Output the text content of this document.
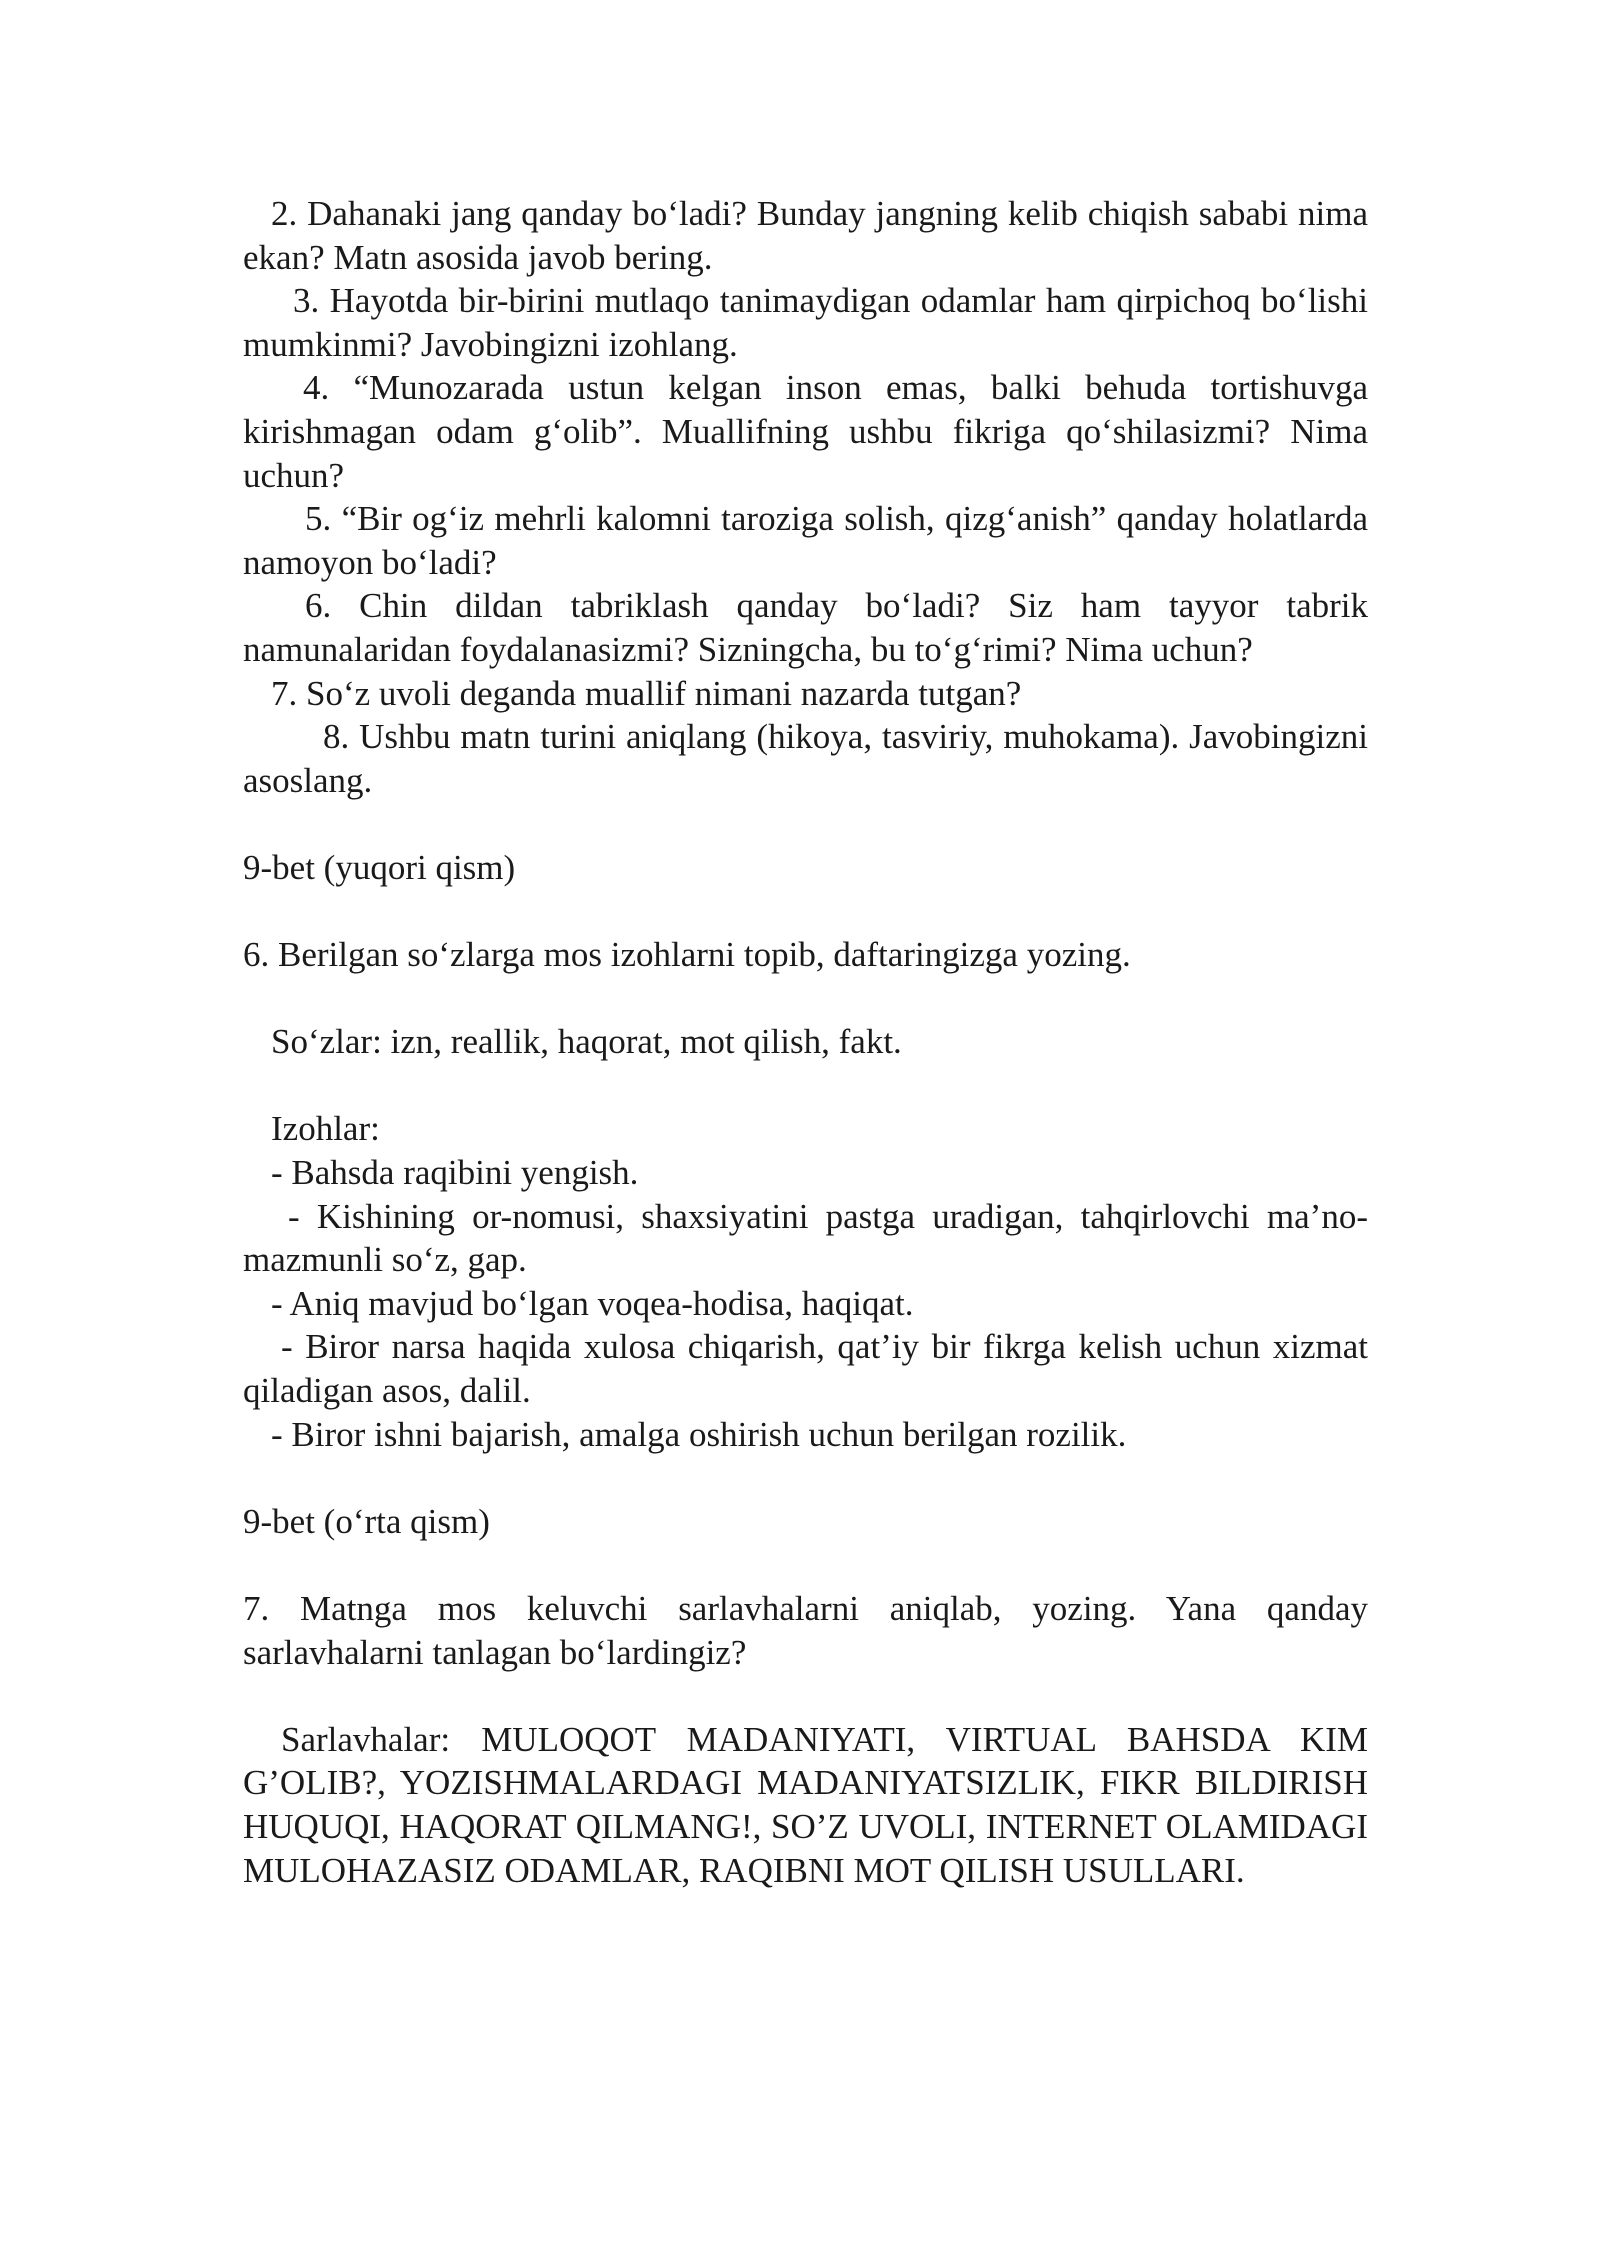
2. Dahanaki jang qanday bo‘ladi? Bunday jangning kelib chiqish sababi nima ekan? Matn asosida javob bering.

3. Hayotda bir-birini mutlaqo tanimaydigan odamlar ham qirpichoq bo‘lishi mumkinmi? Javobingizni izohlang.

4. “Munozarada ustun kelgan inson emas, balki behuda tortishuvga kirishmagan odam g‘olib”. Muallifning ushbu fikriga qo‘shilasizmi? Nima uchun?

5. “Bir og‘iz mehrli kalomni taroziga solish, qizg‘anish” qanday holatlarda namoyon bo‘ladi?

6. Chin dildan tabriklash qanday bo‘ladi? Siz ham tayyor tabrik namunalaridan foydalanasizmi? Sizningcha, bu to‘g‘rimi? Nima uchun?

7. So‘z uvoli deganda muallif nimani nazarda tutgan?

8. Ushbu matn turini aniqlang (hikoya, tasviriy, muhokama). Javobingizni asoslang.

9-bet (yuqori qism)

6. Berilgan so‘zlarga mos izohlarni topib, daftaringizga yozing.

So‘zlar: izn, reallik, haqorat, mot qilish, fakt.

Izohlar:

- Bahsda raqibini yengish.

- Kishining or-nomusi, shaxsiyatini pastga uradigan, tahqirlovchi ma’no-mazmunli so‘z, gap.

- Aniq mavjud bo‘lgan voqea-hodisa, haqiqat.

- Biror narsa haqida xulosa chiqarish, qat’iy bir fikrga kelish uchun xizmat qiladigan asos, dalil.

- Biror ishni bajarish, amalga oshirish uchun berilgan rozilik.

9-bet (o‘rta qism)

7. Matnga mos keluvchi sarlavhalarni aniqlab, yozing. Yana qanday sarlavhalarni tanlagan bo‘lardingiz?

Sarlavhalar: MULOQOT MADANIYATI, VIRTUAL BAHSDA KIM G’OLIB?, YOZISHMALARDAGI MADANIYATSIZLIK, FIKR BILDIRISH HUQUQI, HAQORAT QILMANG!, SO’Z UVOLI, INTERNET OLAMIDAGI MULOHAZASIZ ODAMLAR, RAQIBNI MOT QILISH USULLARI.
